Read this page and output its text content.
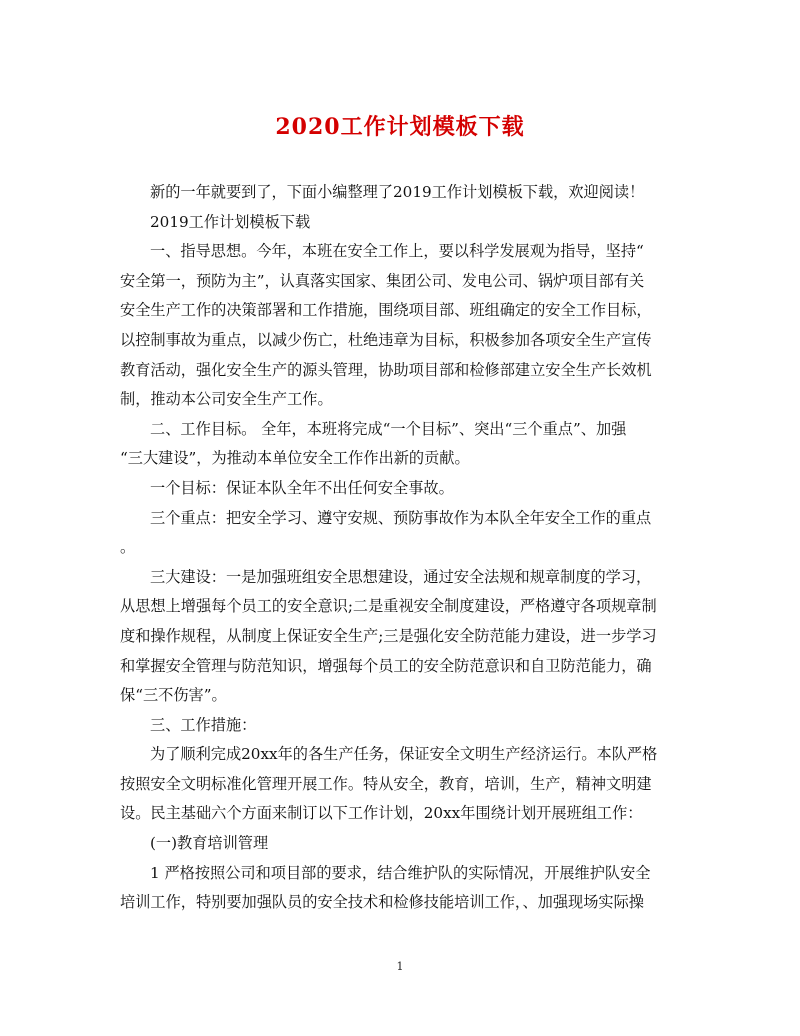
2020工作计划模板下载
新的一年就要到了，下面小编整理了2019工作计划模板下载，欢迎阅读！
2019工作计划模板下载
一、指导思想。今年，本班在安全工作上，要以科学发展观为指导，坚持“
安全第一，预防为主”，认真落实国家、集团公司、发电公司、锅炉项目部有关
安全生产工作的决策部署和工作措施，围绕项目部、班组确定的安全工作目标，
以控制事故为重点，以减少伤亡，杜绝违章为目标，积极参加各项安全生产宣传
教育活动，强化安全生产的源头管理，协助项目部和检修部建立安全生产长效机
制，推动本公司安全生产工作。
二、工作目标。 全年，本班将完成“一个目标”、突出“三个重点”、加强
“三大建设”，为推动本单位安全工作作出新的贡献。
一个目标：保证本队全年不出任何安全事故。
三个重点：把安全学习、遵守安规、预防事故作为本队全年安全工作的重点
。
三大建设：一是加强班组安全思想建设，通过安全法规和规章制度的学习，
从思想上增强每个员工的安全意识;二是重视安全制度建设，严格遵守各项规章制
度和操作规程，从制度上保证安全生产;三是强化安全防范能力建设，进一步学习
和掌握安全管理与防范知识，增强每个员工的安全防范意识和自卫防范能力，确
保“三不伤害”。
三、工作措施：
为了顺利完成20xx年的各生产任务，保证安全文明生产经济运行。本队严格
按照安全文明标准化管理开展工作。特从安全，教育，培训，生产，精神文明建
设。民主基础六个方面来制订以下工作计划，20xx年围绕计划开展班组工作：
(一)教育培训管理
1 严格按照公司和项目部的要求，结合维护队的实际情况，开展维护队安全
培训工作，特别要加强队员的安全技术和检修技能培训工作，、加强现场实际操
1
